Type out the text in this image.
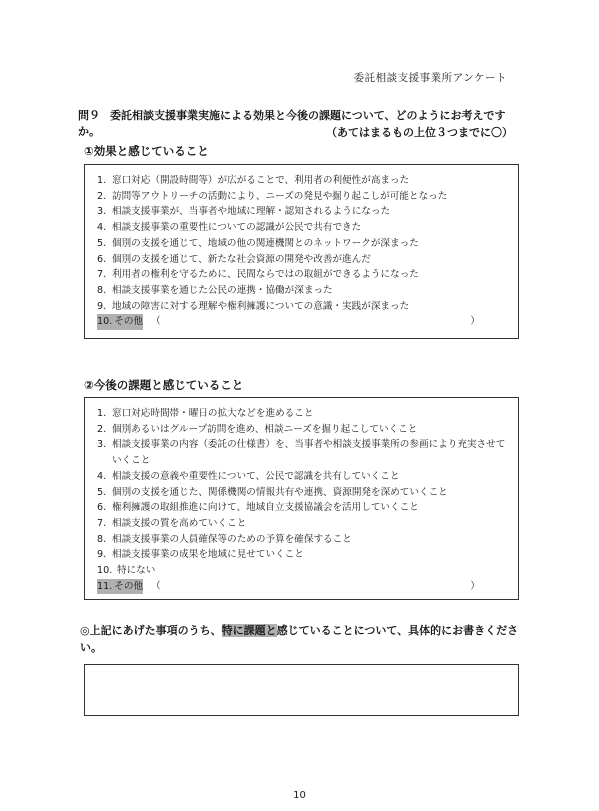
委託相談支援事業所アンケート
問９ 委託相談支援事業実施による効果と今後の課題について、どのようにお考えですか。	（あてはまるもの上位３つまでに〇）
①効果と感じていること
1. 窓口対応（開設時間等）が広がることで、利用者の利便性が高まった
2. 訪問等アウトリーチの活動により、ニーズの発見や掘り起こしが可能となった
3. 相談支援事業が、当事者や地域に理解・認知されるようになった
4. 相談支援事業の重要性についての認識が公民で共有できた
5. 個別の支援を通じて、地域の他の関連機関とのネットワークが深まった
6. 個別の支援を通じて、新たな社会資源の開発や改善が進んだ
7. 利用者の権利を守るために、民間ならではの取組ができるようになった
8. 相談支援事業を通じた公民の連携・協働が深まった
9. 地域の障害に対する理解や権利擁護についての意識・実践が深まった
10. その他 （	）
②今後の課題と感じていること
1. 窓口対応時間帯・曜日の拡大などを進めること
2. 個別あるいはグループ訪問を進め、相談ニーズを掘り起こしていくこと
3. 相談支援事業の内容（委託の仕様書）を、当事者や相談支援事業所の参画により充実させていくこと
4. 相談支援の意義や重要性について、公民で認識を共有していくこと
5. 個別の支援を通じた、関係機関の情報共有や連携、資源開発を深めていくこと
6. 権利擁護の取組推進に向けて、地域自立支援協議会を活用していくこと
7. 相談支援の質を高めていくこと
8. 相談支援事業の人員確保等のための予算を確保すること
9. 相談支援事業の成果を地域に見せていくこと
10. 特にない
11. その他 （	）
◎上記にあげた事項のうち、特に課題と感じていることについて、具体的にお書きください。
10
